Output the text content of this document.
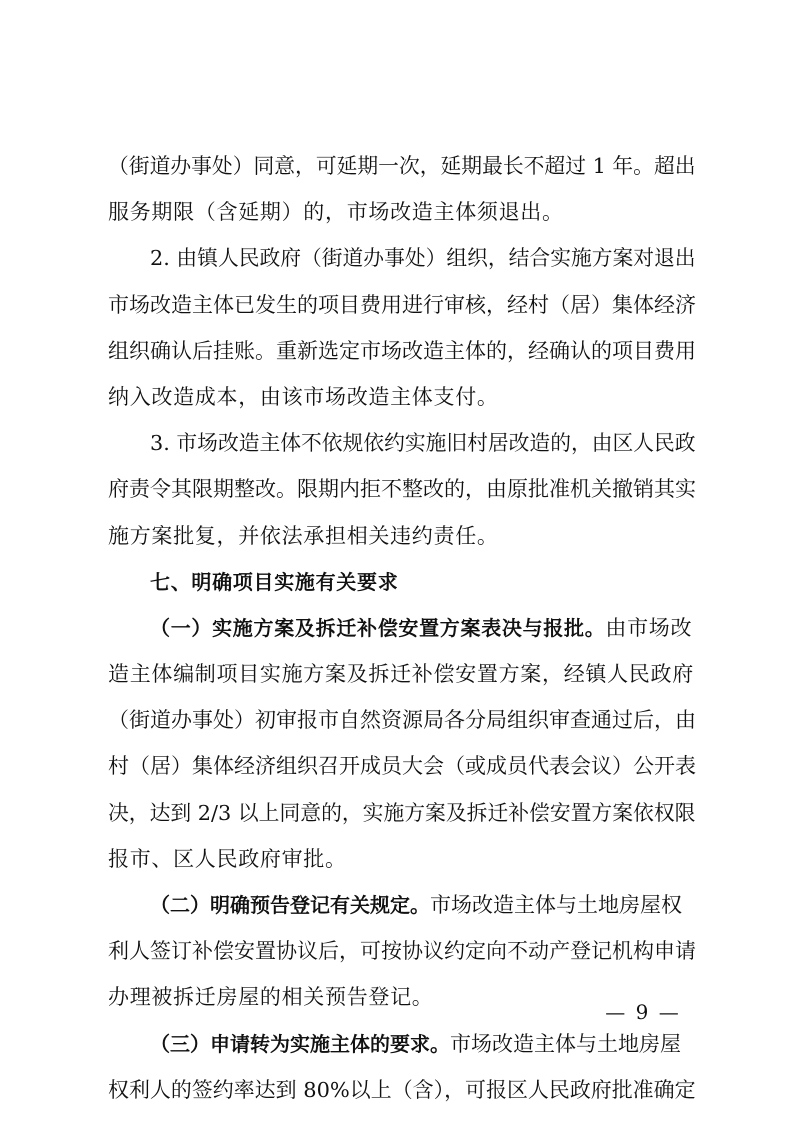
（街道办事处）同意，可延期一次，延期最长不超过 1 年。超出
服务期限（含延期）的，市场改造主体须退出。
2. 由镇人民政府（街道办事处）组织，结合实施方案对退出
市场改造主体已发生的项目费用进行审核，经村（居）集体经济
组织确认后挂账。重新选定市场改造主体的，经确认的项目费用
纳入改造成本，由该市场改造主体支付。
3. 市场改造主体不依规依约实施旧村居改造的，由区人民政
府责令其限期整改。限期内拒不整改的，由原批准机关撤销其实
施方案批复，并依法承担相关违约责任。
七、明确项目实施有关要求
（一）实施方案及拆迁补偿安置方案表决与报批。由市场改
造主体编制项目实施方案及拆迁补偿安置方案，经镇人民政府
（街道办事处）初审报市自然资源局各分局组织审查通过后，由
村（居）集体经济组织召开成员大会（或成员代表会议）公开表
决，达到 2/3 以上同意的，实施方案及拆迁补偿安置方案依权限
报市、区人民政府审批。
（二）明确预告登记有关规定。市场改造主体与土地房屋权
利人签订补偿安置协议后，可按协议约定向不动产登记机构申请
办理被拆迁房屋的相关预告登记。
（三）申请转为实施主体的要求。市场改造主体与土地房屋
权利人的签约率达到 80%以上（含），可报区人民政府批准确定
— 9 —
